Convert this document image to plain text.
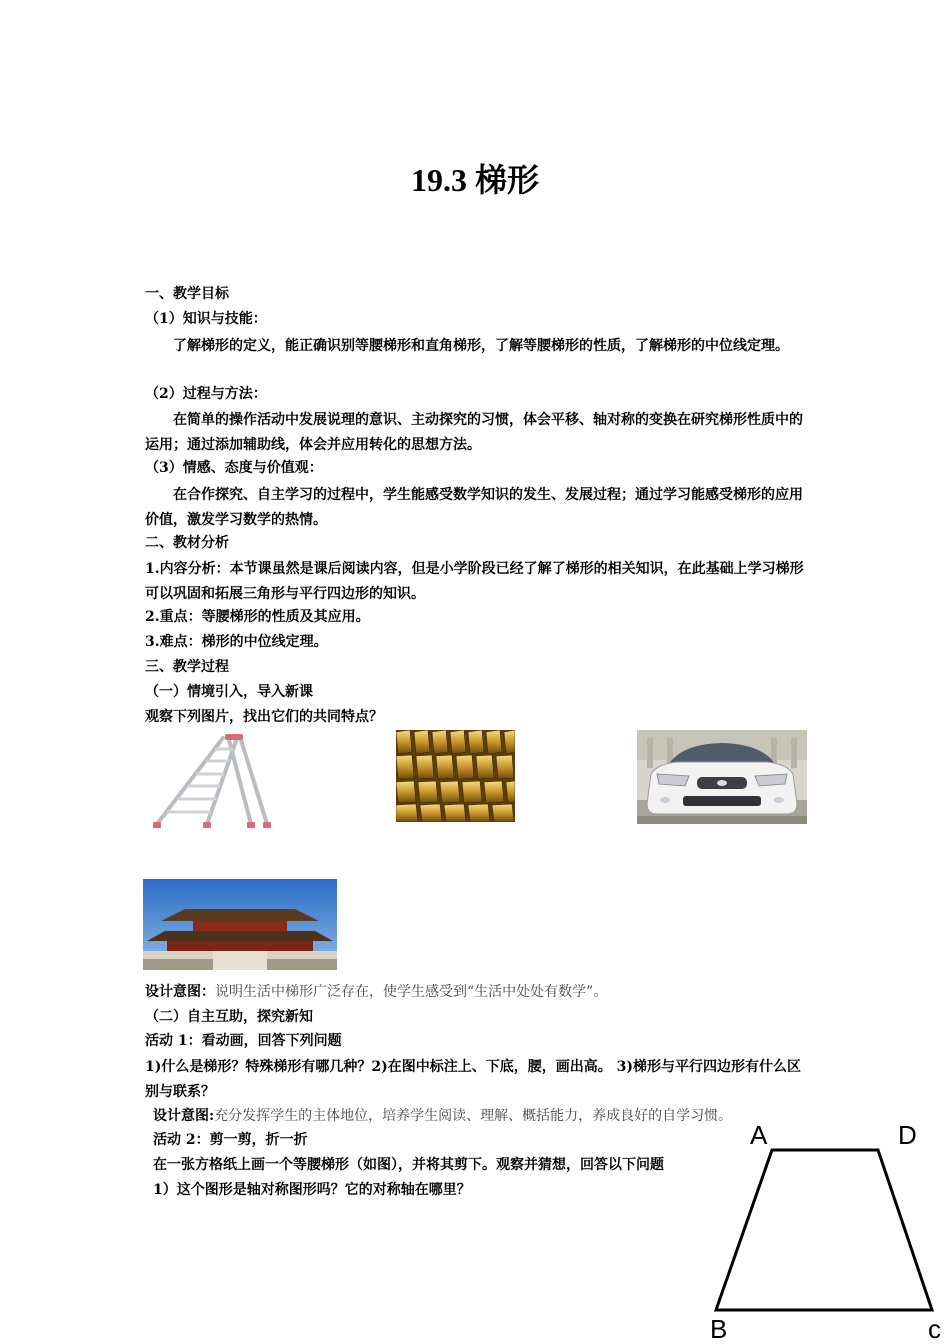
19.3 梯形
一、教学目标
（1）知识与技能：
了解梯形的定义，能正确识别等腰梯形和直角梯形，了解等腰梯形的性质，了解梯形的中位线定理。
（2）过程与方法：
在简单的操作活动中发展说理的意识、主动探究的习惯，体会平移、轴对称的变换在研究梯形性质中的运用；通过添加辅助线，体会并应用转化的思想方法。
（3）情感、态度与价值观：
在合作探究、自主学习的过程中，学生能感受数学知识的发生、发展过程；通过学习能感受梯形的应用价值，激发学习数学的热情。
二、教材分析
1.内容分析：本节课虽然是课后阅读内容，但是小学阶段已经了解了梯形的相关知识，在此基础上学习梯形可以巩固和拓展三角形与平行四边形的知识。
2.重点：等腰梯形的性质及其应用。
3.难点：梯形的中位线定理。
三、教学过程
（一）情境引入，导入新课
观察下列图片，找出它们的共同特点？
设计意图：说明生活中梯形广泛存在，使学生感受到“生活中处处有数学”。
（二）自主互助，探究新知
活动 1：看动画，回答下列问题
1)什么是梯形？特殊梯形有哪几种？2)在图中标注上、下底，腰，画出高。 3)梯形与平行四边形有什么区别与联系？
设计意图:充分发挥学生的主体地位，培养学生阅读、理解、概括能力，养成良好的自学习惯。
活动 2：剪一剪，折一折
在一张方格纸上画一个等腰梯形（如图），并将其剪下。观察并猜想，回答以下问题
1）这个图形是轴对称图形吗？它的对称轴在哪里？
A	D
B	c
